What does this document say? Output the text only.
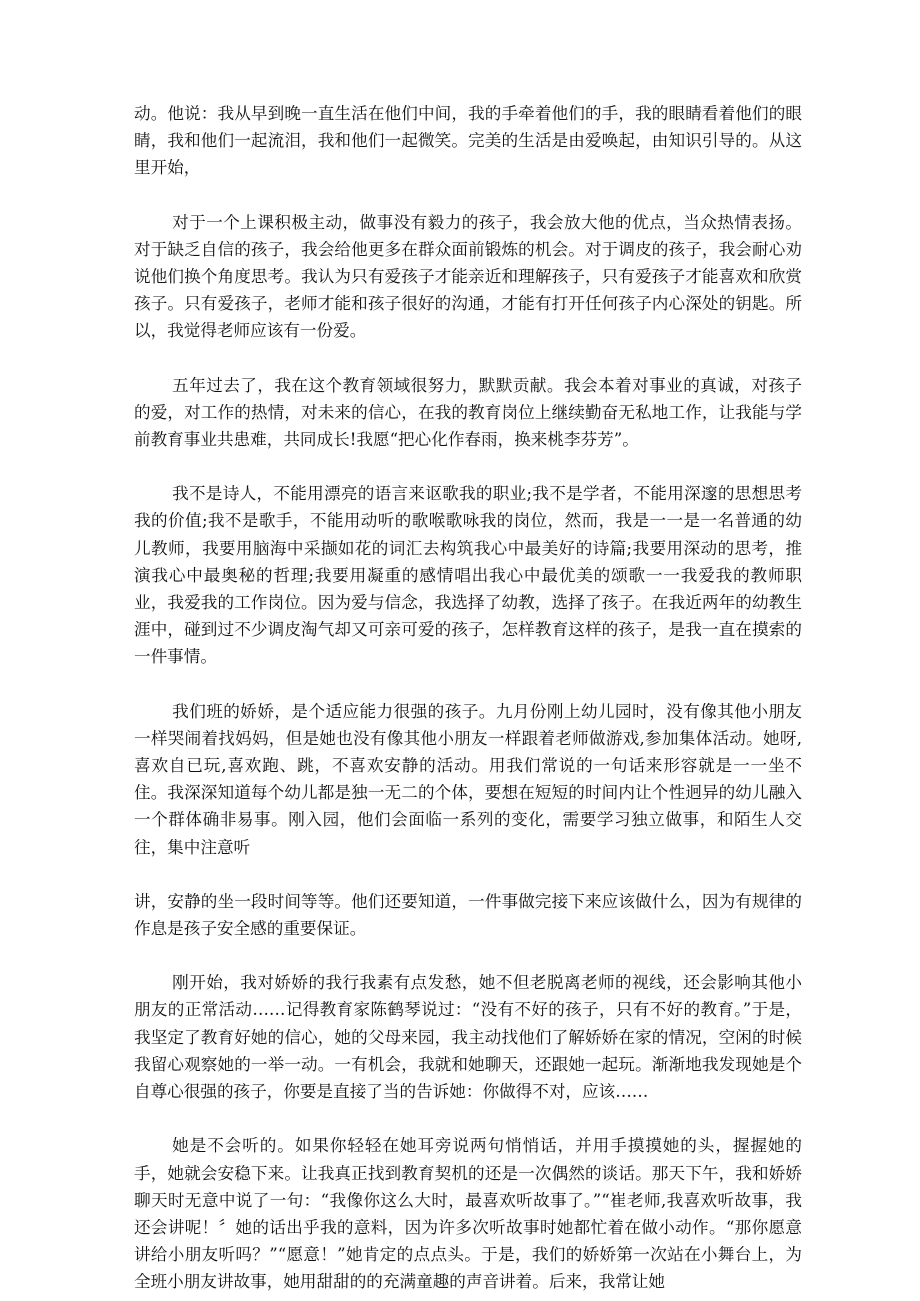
动。他说：我从早到晚一直生活在他们中间，我的手牵着他们的手，我的眼睛看着他们的眼睛，我和他们一起流泪，我和他们一起微笑。完美的生活是由爱唤起，由知识引导的。从这里开始，

对于一个上课积极主动，做事没有毅力的孩子，我会放大他的优点，当众热情表扬。对于缺乏自信的孩子，我会给他更多在群众面前锻炼的机会。对于调皮的孩子，我会耐心劝说他们换个角度思考。我认为只有爱孩子才能亲近和理解孩子，只有爱孩子才能喜欢和欣赏孩子。只有爱孩子，老师才能和孩子很好的沟通，才能有打开任何孩子内心深处的钥匙。所以，我觉得老师应该有一份爱。

五年过去了，我在这个教育领域很努力，默默贡献。我会本着对事业的真诚，对孩子的爱，对工作的热情，对未来的信心，在我的教育岗位上继续勤奋无私地工作，让我能与学前教育事业共患难，共同成长!我愿“把心化作春雨，换来桃李芬芳”。

我不是诗人，不能用漂亮的语言来讴歌我的职业;我不是学者，不能用深邃的思想思考我的价值;我不是歌手，不能用动听的歌喉歌咏我的岗位，然而，我是一一是一名普通的幼儿教师，我要用脑海中采撷如花的词汇去构筑我心中最美好的诗篇;我要用深动的思考，推演我心中最奥秘的哲理;我要用凝重的感情唱出我心中最优美的颂歌一一我爱我的教师职业，我爱我的工作岗位。因为爱与信念，我选择了幼教，选择了孩子。在我近两年的幼教生涯中，碰到过不少调皮淘气却又可亲可爱的孩子，怎样教育这样的孩子，是我一直在摸索的一件事情。

我们班的娇娇，是个适应能力很强的孩子。九月份刚上幼儿园时，没有像其他小朋友一样哭闹着找妈妈，但是她也没有像其他小朋友一样跟着老师做游戏,参加集体活动。她呀,喜欢自已玩,喜欢跑、跳，不喜欢安静的活动。用我们常说的一句话来形容就是一一坐不住。我深深知道每个幼儿都是独一无二的个体，要想在短短的时间内让个性迥异的幼儿融入一个群体确非易事。刚入园，他们会面临一系列的变化，需要学习独立做事，和陌生人交往，集中注意听

讲，安静的坐一段时间等等。他们还要知道，一件事做完接下来应该做什么，因为有规律的作息是孩子安全感的重要保证。

刚开始，我对娇娇的我行我素有点发愁，她不但老脱离老师的视线，还会影响其他小朋友的正常活动……记得教育家陈鹤琴说过：“没有不好的孩子，只有不好的教育。”于是，我坚定了教育好她的信心，她的父母来园，我主动找他们了解娇娇在家的情况，空闲的时候我留心观察她的一举一动。一有机会，我就和她聊天，还跟她一起玩。渐渐地我发现她是个自尊心很强的孩子，你要是直接了当的告诉她：你做得不对，应该……

她是不会听的。如果你轻轻在她耳旁说两句悄悄话，并用手摸摸她的头，握握她的手，她就会安稳下来。让我真正找到教育契机的还是一次偶然的谈话。那天下午，我和娇娇聊天时无意中说了一句：“我像你这么大时，最喜欢听故事了。”“崔老师,我喜欢听故事，我还会讲呢！〞她的话出乎我的意料，因为许多次听故事时她都忙着在做小动作。“那你愿意讲给小朋友听吗？”“愿意！”她肯定的点点头。于是，我们的娇娇第一次站在小舞台上，为全班小朋友讲故事，她用甜甜的的充满童趣的声音讲着。后来，我常让她
